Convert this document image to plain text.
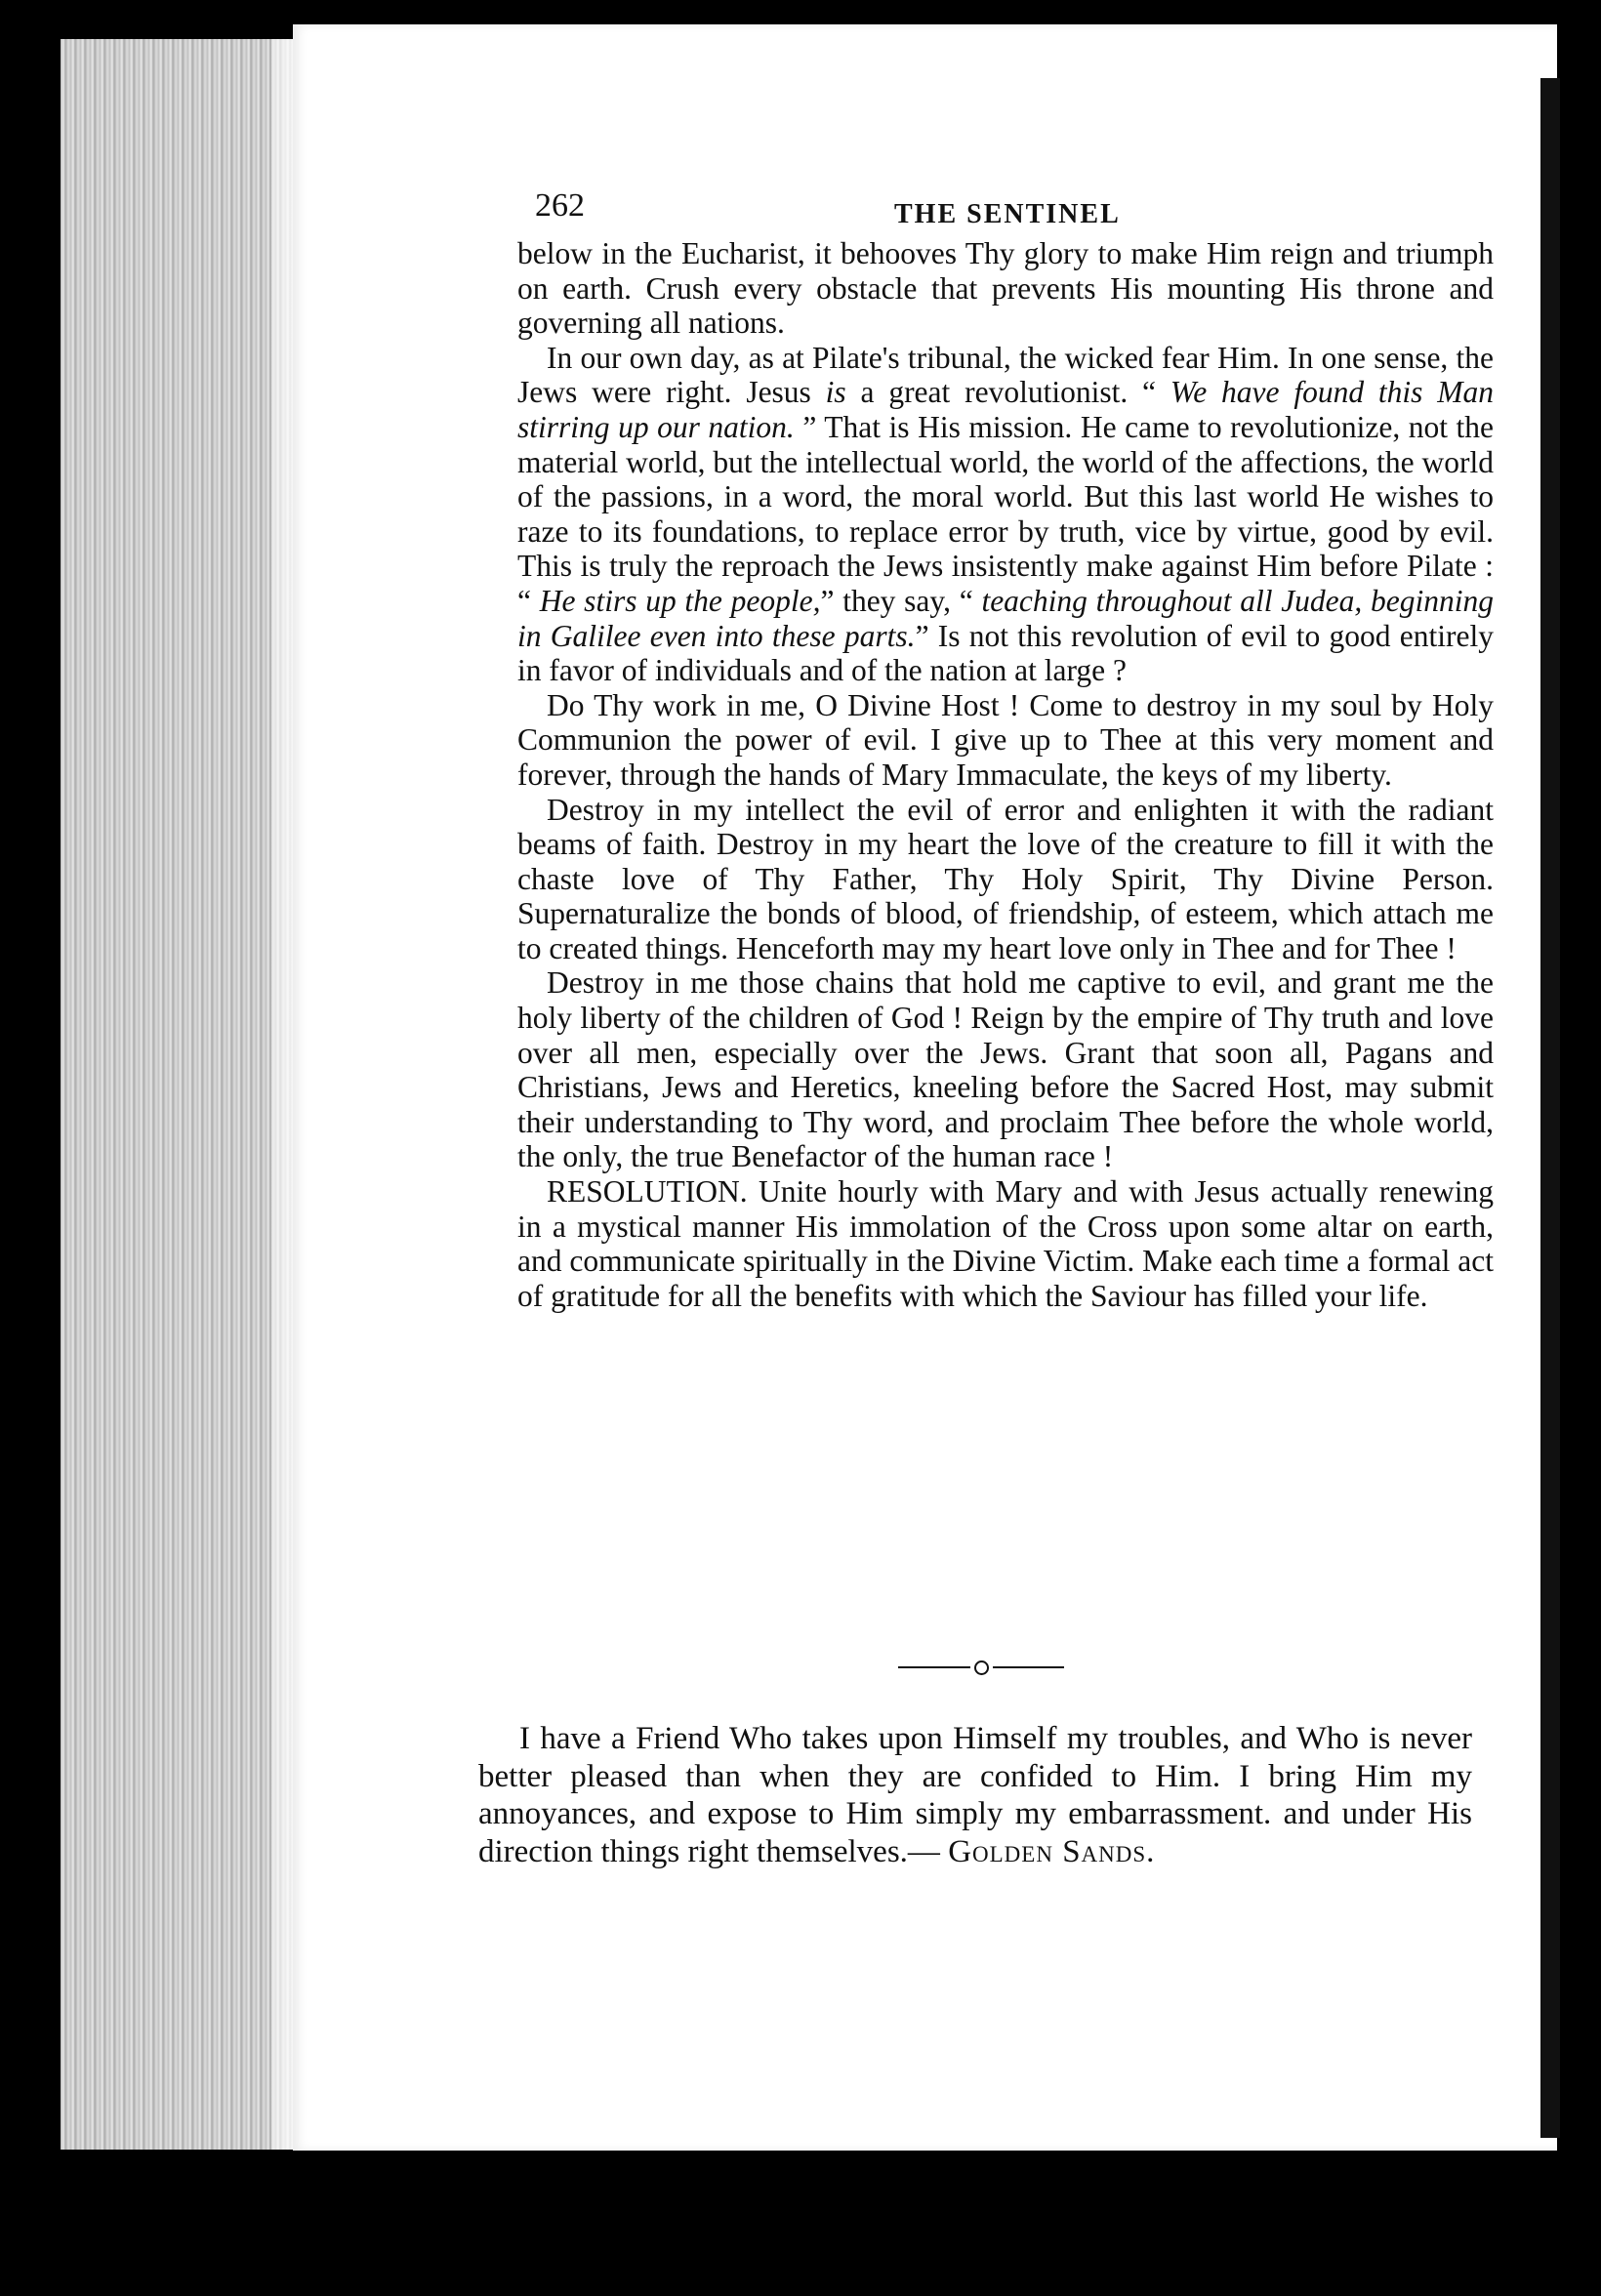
262	THE SENTINEL

below in the Eucharist, it behooves Thy glory to make Him reign and triumph on earth. Crush every obstacle that prevents His mounting His throne and governing all nations.

In our own day, as at Pilate's tribunal, the wicked fear Him. In one sense, the Jews were right. Jesus is a great revolutionist. “ We have found this Man stirring up our nation. ” That is His mission. He came to revolutionize, not the material world, but the intellectual world, the world of the affections, the world of the passions, in a word, the moral world. But this last world He wishes to raze to its foundations, to replace error by truth, vice by virtue, good by evil. This is truly the reproach the Jews insistently make against Him before Pilate : “ He stirs up the people,” they say, “ teaching throughout all Judea, beginning in Galilee even into these parts.” Is not this revolution of evil to good entirely in favor of individuals and of the nation at large ?

Do Thy work in me, O Divine Host ! Come to destroy in my soul by Holy Communion the power of evil. I give up to Thee at this very moment and forever, through the hands of Mary Immaculate, the keys of my liberty.

Destroy in my intellect the evil of error and enlighten it with the radiant beams of faith. Destroy in my heart the love of the creature to fill it with the chaste love of Thy Father, Thy Holy Spirit, Thy Divine Person. Supernaturalize the bonds of blood, of friendship, of esteem, which attach me to created things. Henceforth may my heart love only in Thee and for Thee !

Destroy in me those chains that hold me captive to evil, and grant me the holy liberty of the children of God ! Reign by the empire of Thy truth and love over all men, especially over the Jews. Grant that soon all, Pagans and Christians, Jews and Heretics, kneeling before the Sacred Host, may submit their understanding to Thy word, and proclaim Thee before the whole world, the only, the true Benefactor of the human race !

RESOLUTION. Unite hourly with Mary and with Jesus actually renewing in a mystical manner His immolation of the Cross upon some altar on earth, and communicate spiritually in the Divine Victim. Make each time a formal act of gratitude for all the benefits with which the Saviour has filled your life.

I have a Friend Who takes upon Himself my troubles, and Who is never better pleased than when they are confided to Him. I bring Him my annoyances, and expose to Him simply my embarrassment. and under His direction things right themselves.— Golden Sands.
